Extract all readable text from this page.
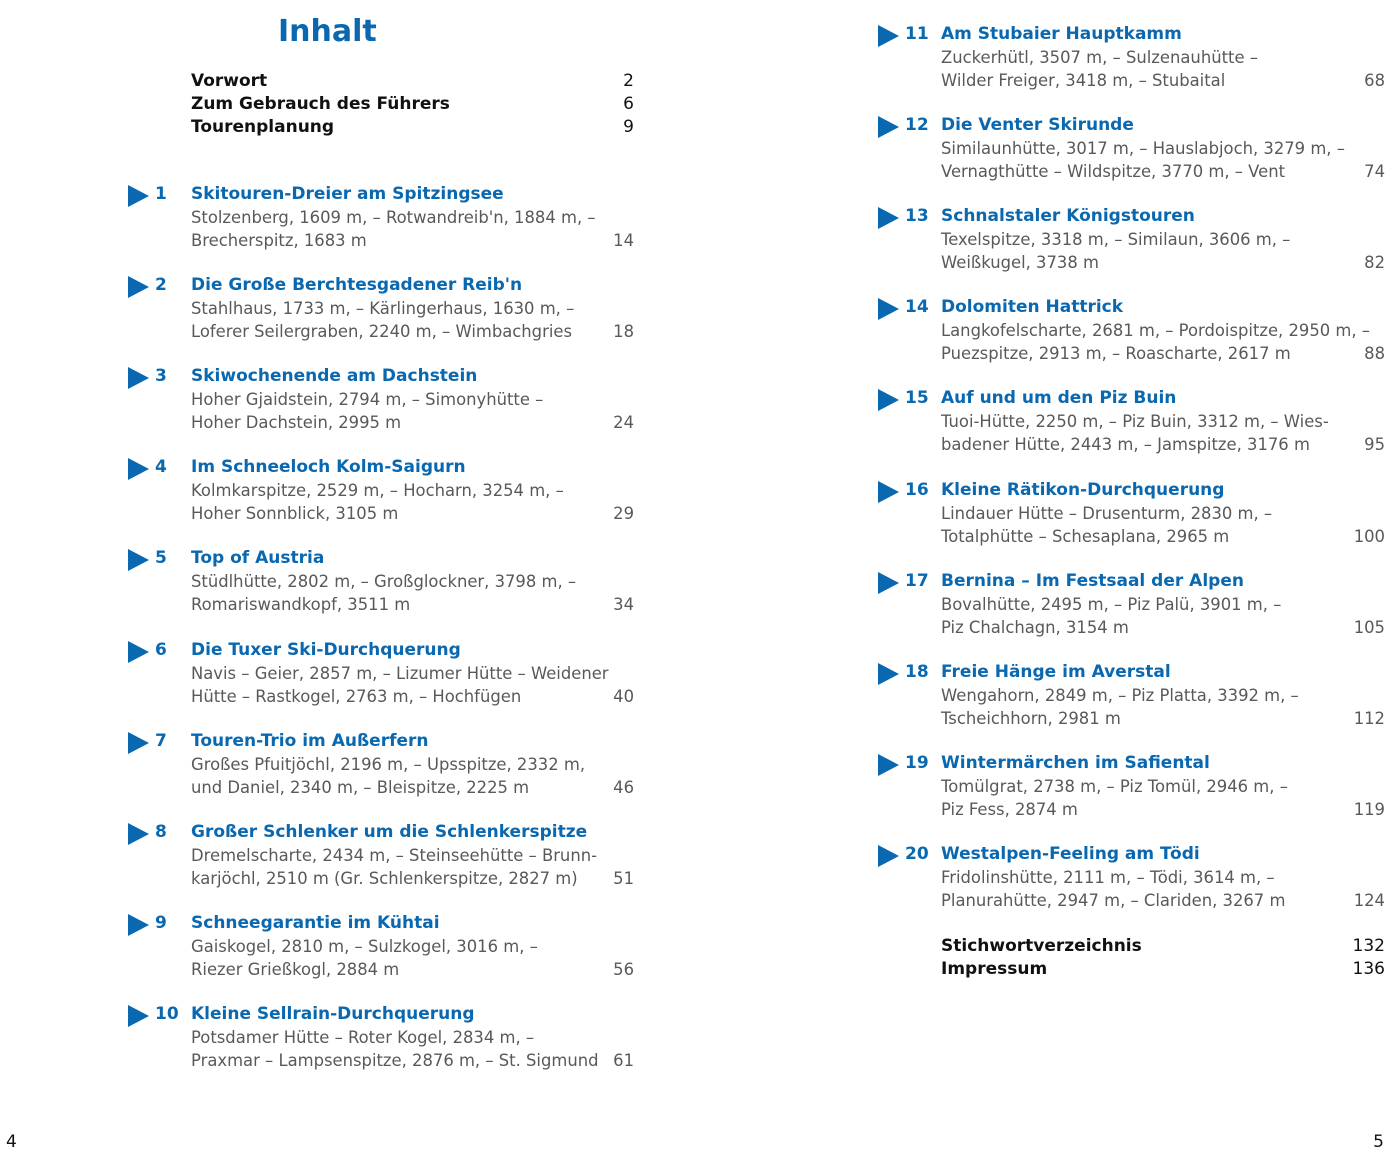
Inhalt
Vorwort	2
Zum Gebrauch des Führers	6
Tourenplanung	9
1 Skitouren-Dreier am Spitzingsee
Stolzenberg, 1609 m, – Rotwandreib'n, 1884 m, –
Brecherspitz, 1683 m	14
2 Die Große Berchtesgadener Reib'n
Stahlhaus, 1733 m, – Kärlingerhaus, 1630 m, –
Loferer Seilergraben, 2240 m, – Wimbachgries	18
3 Skiwochenende am Dachstein
Hoher Gjaidstein, 2794 m, – Simonyhütte –
Hoher Dachstein, 2995 m	24
4 Im Schneeloch Kolm-Saigurn
Kolmkarspitze, 2529 m, – Hocharn, 3254 m, –
Hoher Sonnblick, 3105 m	29
5 Top of Austria
Stüdlhütte, 2802 m, – Großglockner, 3798 m, –
Romariswandkopf, 3511 m	34
6 Die Tuxer Ski-Durchquerung
Navis – Geier, 2857 m, – Lizumer Hütte – Weidener
Hütte – Rastkogel, 2763 m, – Hochfügen	40
7 Touren-Trio im Außerfern
Großes Pfuitjöchl, 2196 m, – Upsspitze, 2332 m,
und Daniel, 2340 m, – Bleispitze, 2225 m	46
8 Großer Schlenker um die Schlenkerspitze
Dremelscharte, 2434 m, – Steinseehütte – Brunn-
karjöchl, 2510 m (Gr. Schlenkerspitze, 2827 m) 51
9 Schneegarantie im Kühtai
Gaiskogel, 2810 m, – Sulzkogel, 3016 m, –
Riezer Grießkogl, 2884 m	56
10 Kleine Sellrain-Durchquerung
Potsdamer Hütte – Roter Kogel, 2834 m, –
Praxmar – Lampsenspitze, 2876 m, – St. Sigmund 61
4
11 Am Stubaier Hauptkamm
Zuckerhütl, 3507 m, – Sulzenauhütte –
Wilder Freiger, 3418 m, – Stubaital	68
12 Die Venter Skirunde
Similaunhütte, 3017 m, – Hauslabjoch, 3279 m, –
Vernagthütte – Wildspitze, 3770 m, – Vent	74
13 Schnalstaler Königstouren
Texelspitze, 3318 m, – Similaun, 3606 m, –
Weißkugel, 3738 m	82
14 Dolomiten Hattrick
Langkofelscharte, 2681 m, – Pordoispitze, 2950 m, –
Puezspitze, 2913 m, – Roascharte, 2617 m	88
15 Auf und um den Piz Buin
Tuoi-Hütte, 2250 m, – Piz Buin, 3312 m, – Wies-
badener Hütte, 2443 m, – Jamspitze, 3176 m	95
16 Kleine Rätikon-Durchquerung
Lindauer Hütte – Drusenturm, 2830 m, –
Totalphütte – Schesaplana, 2965 m	100
17 Bernina – Im Festsaal der Alpen
Bovalhütte, 2495 m, – Piz Palü, 3901 m, –
Piz Chalchagn, 3154 m	105
18 Freie Hänge im Averstal
Wengahorn, 2849 m, – Piz Platta, 3392 m, –
Tscheichhorn, 2981 m	112
19 Wintermärchen im Safiental
Tomülgrat, 2738 m, – Piz Tomül, 2946 m, –
Piz Fess, 2874 m	119
20 Westalpen-Feeling am Tödi
Fridolinshütte, 2111 m, – Tödi, 3614 m, –
Planurahütte, 2947 m, – Clariden, 3267 m	124
Stichwortverzeichnis	132
Impressum	136
5
